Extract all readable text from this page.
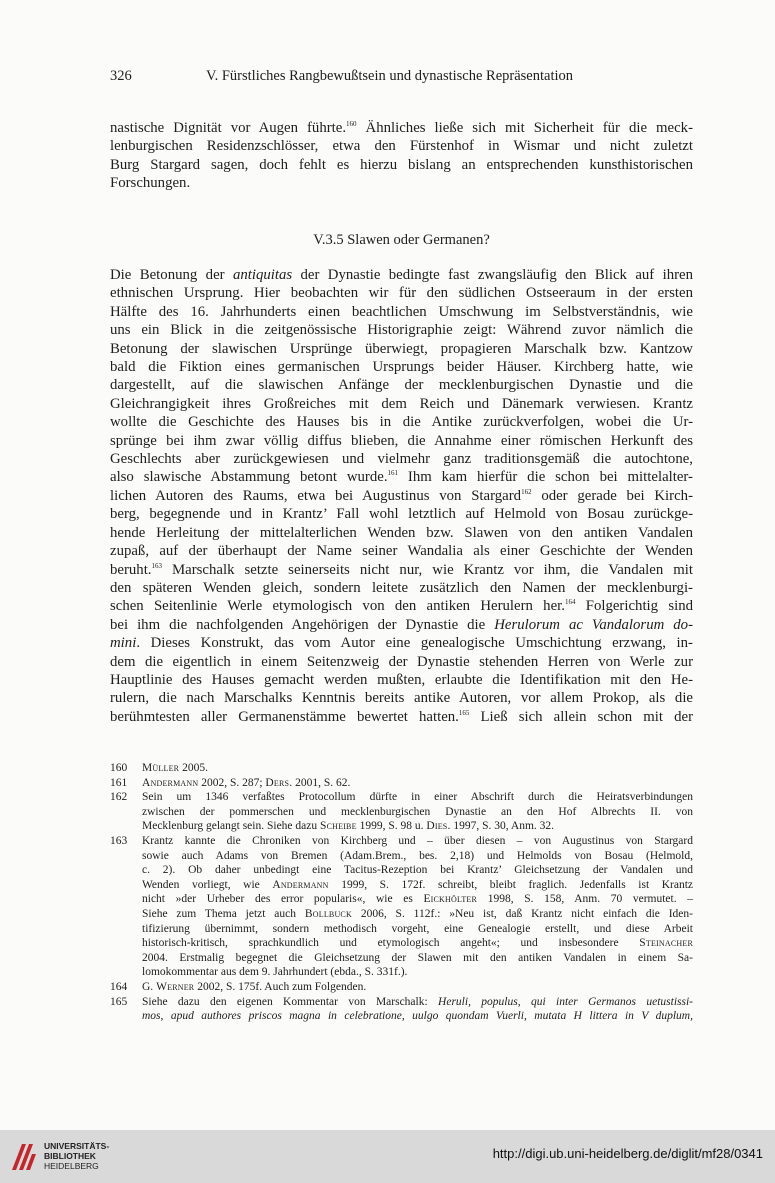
326	V. Fürstliches Rangbewußtsein und dynastische Repräsentation
nastische Dignität vor Augen führte.$^{160}$ Ähnliches ließe sich mit Sicherheit für die meck-
lenburgischen Residenzschlösser, etwa den Fürstenhof in Wismar und nicht zuletzt
Burg Stargard sagen, doch fehlt es hierzu bislang an entsprechenden kunsthistorischen
Forschungen.
V.3.5 Slawen oder Germanen?
Die Betonung der antiquitas der Dynastie bedingte fast zwangsläufig den Blick auf ihren
ethnischen Ursprung. Hier beobachten wir für den südlichen Ostseeraum in der ersten
Hälfte des 16. Jahrhunderts einen beachtlichen Umschwung im Selbstverständnis, wie
uns ein Blick in die zeitgenössische Historigraphie zeigt: Während zuvor nämlich die
Betonung der slawischen Ursprünge überwiegt, propagieren Marschalk bzw. Kantzow
bald die Fiktion eines germanischen Ursprungs beider Häuser. Kirchberg hatte, wie
dargestellt, auf die slawischen Anfänge der mecklenburgischen Dynastie und die
Gleichrangigkeit ihres Großreiches mit dem Reich und Dänemark verwiesen. Krantz
wollte die Geschichte des Hauses bis in die Antike zurückverfolgen, wobei die Ur-
sprünge bei ihm zwar völlig diffus blieben, die Annahme einer römischen Herkunft des
Geschlechts aber zurückgewiesen und vielmehr ganz traditionsgemäß die autochtone,
also slawische Abstammung betont wurde.$^{161}$ Ihm kam hierfür die schon bei mittelalter-
lichen Autoren des Raums, etwa bei Augustinus von Stargard$^{162}$ oder gerade bei Kirch-
berg, begegnende und in Krantz’ Fall wohl letztlich auf Helmold von Bosau zurückge-
hende Herleitung der mittelalterlichen Wenden bzw. Slawen von den antiken Vandalen
zupaß, auf der überhaupt der Name seiner Wandalia als einer Geschichte der Wenden
beruht.$^{163}$ Marschalk setzte seinerseits nicht nur, wie Krantz vor ihm, die Vandalen mit
den späteren Wenden gleich, sondern leitete zusätzlich den Namen der mecklenburgi-
schen Seitenlinie Werle etymologisch von den antiken Herulern her.$^{164}$ Folgerichtig sind
bei ihm die nachfolgenden Angehörigen der Dynastie die Herulorum ac Vandalorum do-
mini. Dieses Konstrukt, das vom Autor eine genealogische Umschichtung erzwang, in-
dem die eigentlich in einem Seitenzweig der Dynastie stehenden Herren von Werle zur
Hauptlinie des Hauses gemacht werden mußten, erlaubte die Identifikation mit den He-
rulern, die nach Marschalks Kenntnis bereits antike Autoren, vor allem Prokop, als die
berühmtesten aller Germanenstämme bewertet hatten.$^{165}$ Ließ sich allein schon mit der
160 Müller 2005.
161 Andermann 2002, S. 287; Ders. 2001, S. 62.
162 Sein um 1346 verfaßtes Protocollum dürfte in einer Abschrift durch die Heiratsverbindungen
zwischen der pommerschen und mecklenburgischen Dynastie an den Hof Albrechts II. von
Mecklenburg gelangt sein. Siehe dazu Scheibe 1999, S. 98 u. Dies. 1997, S. 30, Anm. 32.
163 Krantz kannte die Chroniken von Kirchberg und – über diesen – von Augustinus von Stargard
sowie auch Adams von Bremen (Adam.Brem., bes. 2,18) und Helmolds von Bosau (Helmold,
c. 2). Ob daher unbedingt eine Tacitus-Rezeption bei Krantz’ Gleichsetzung der Vandalen und
Wenden vorliegt, wie Andermann 1999, S. 172f. schreibt, bleibt fraglich. Jedenfalls ist Krantz
nicht »der Urheber des error popularis«, wie es Eickhölter 1998, S. 158, Anm. 70 vermutet. –
Siehe zum Thema jetzt auch Bollbuck 2006, S. 112f.: »Neu ist, daß Krantz nicht einfach die Iden-
tifizierung übernimmt, sondern methodisch vorgeht, eine Genealogie erstellt, und diese Arbeit
historisch-kritisch, sprachkundlich und etymologisch angeht«; und insbesondere Steinacher
2004. Erstmalig begegnet die Gleichsetzung der Slawen mit den antiken Vandalen in einem Sa-
lomokommentar aus dem 9. Jahrhundert (ebda., S. 331f.).
164 G. Werner 2002, S. 175f. Auch zum Folgenden.
165 Siehe dazu den eigenen Kommentar von Marschalk: Heruli, populus, qui inter Germanos uetustissi-
mos, apud authores priscos magna in celebratione, uulgo quondam Vuerli, mutata H littera in V duplum,
UNIVERSITÄTS-
BIBLIOTHEK
HEIDELBERG
http://digi.ub.uni-heidelberg.de/diglit/mf28/0341
